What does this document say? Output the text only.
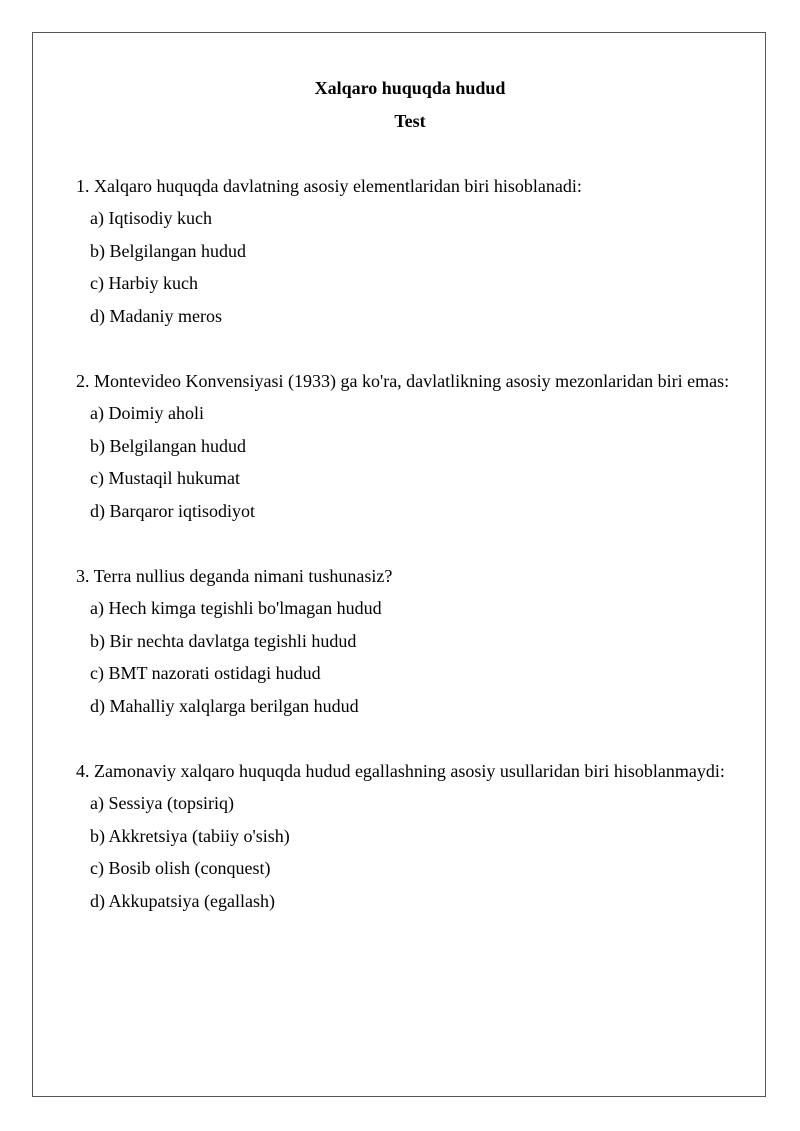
Xalqaro huquqda hudud

Test

1. Xalqaro huquqda davlatning asosiy elementlaridan biri hisoblanadi:

a) Iqtisodiy kuch

b) Belgilangan hudud

c) Harbiy kuch

d) Madaniy meros

2. Montevideo Konvensiyasi (1933) ga ko'ra, davlatlikning asosiy mezonlaridan biri emas:

a) Doimiy aholi

b) Belgilangan hudud

c) Mustaqil hukumat

d) Barqaror iqtisodiyot

3. Terra nullius deganda nimani tushunasiz?

a) Hech kimga tegishli bo'lmagan hudud

b) Bir nechta davlatga tegishli hudud

c) BMT nazorati ostidagi hudud

d) Mahalliy xalqlarga berilgan hudud

4. Zamonaviy xalqaro huquqda hudud egallashning asosiy usullaridan biri hisoblanmaydi:

a) Sessiya (topsiriq)

b) Akkretsiya (tabiiy o'sish)

c) Bosib olish (conquest)

d) Akkupatsiya (egallash)
